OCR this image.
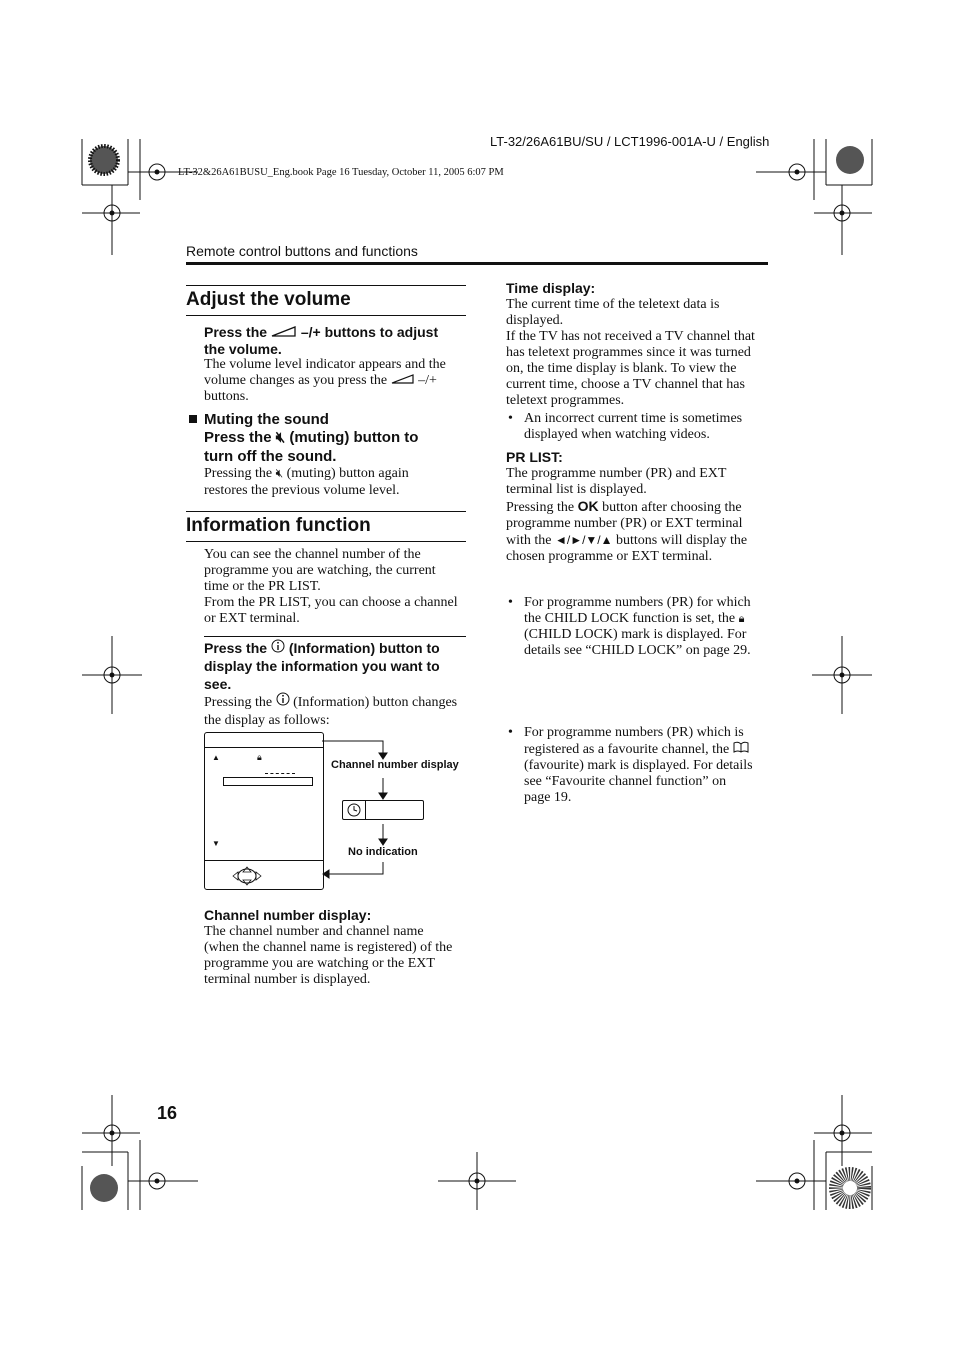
LT-32/26A61BU/SU / LCT1996-001A-U / English
LT-32&26A61BUSU_Eng.book Page 16 Tuesday, October 11, 2005 6:07 PM
Remote control buttons and functions
Adjust the volume
Press the –/+ buttons to adjust
the volume.
The volume level indicator appears and the
volume changes as you press the –/+
buttons.
Muting the sound
Press the 🔇︎ (muting) button to
turn off the sound.
Pressing the 🔇︎ (muting) button again
restores the previous volume level.
Information function
You can see the channel number of the
programme you are watching, the current
time or the PR LIST.
From the PR LIST, you can choose a channel
or EXT terminal.
Press the (Information) button to
display the information you want to
see.
Pressing the (Information) button changes
the display as follows:
▲	🔒︎
▼
Channel number display
No indication
Channel number display:
The channel number and channel name
(when the channel name is registered) of the
programme you are watching or the EXT
terminal number is displayed.
Time display:
The current time of the teletext data is
displayed.
If the TV has not received a TV channel that
has teletext programmes since it was turned
on, the time display is blank. To view the
current time, choose a TV channel that has
teletext programmes.
• An incorrect current time is sometimes
displayed when watching videos.
PR LIST:
The programme number (PR) and EXT
terminal list is displayed.
Pressing the OK button after choosing the
programme number (PR) or EXT terminal
with the ◄/►/▼/▲ buttons will display the
chosen programme or EXT terminal.
• For programme numbers (PR) for which
the CHILD LOCK function is set, the 🔒︎
(CHILD LOCK) mark is displayed. For
details see “CHILD LOCK” on page 29.
• For programme numbers (PR) which is
registered as a favourite channel, the
(favourite) mark is displayed. For details
see “Favourite channel function” on
page 19.
16
